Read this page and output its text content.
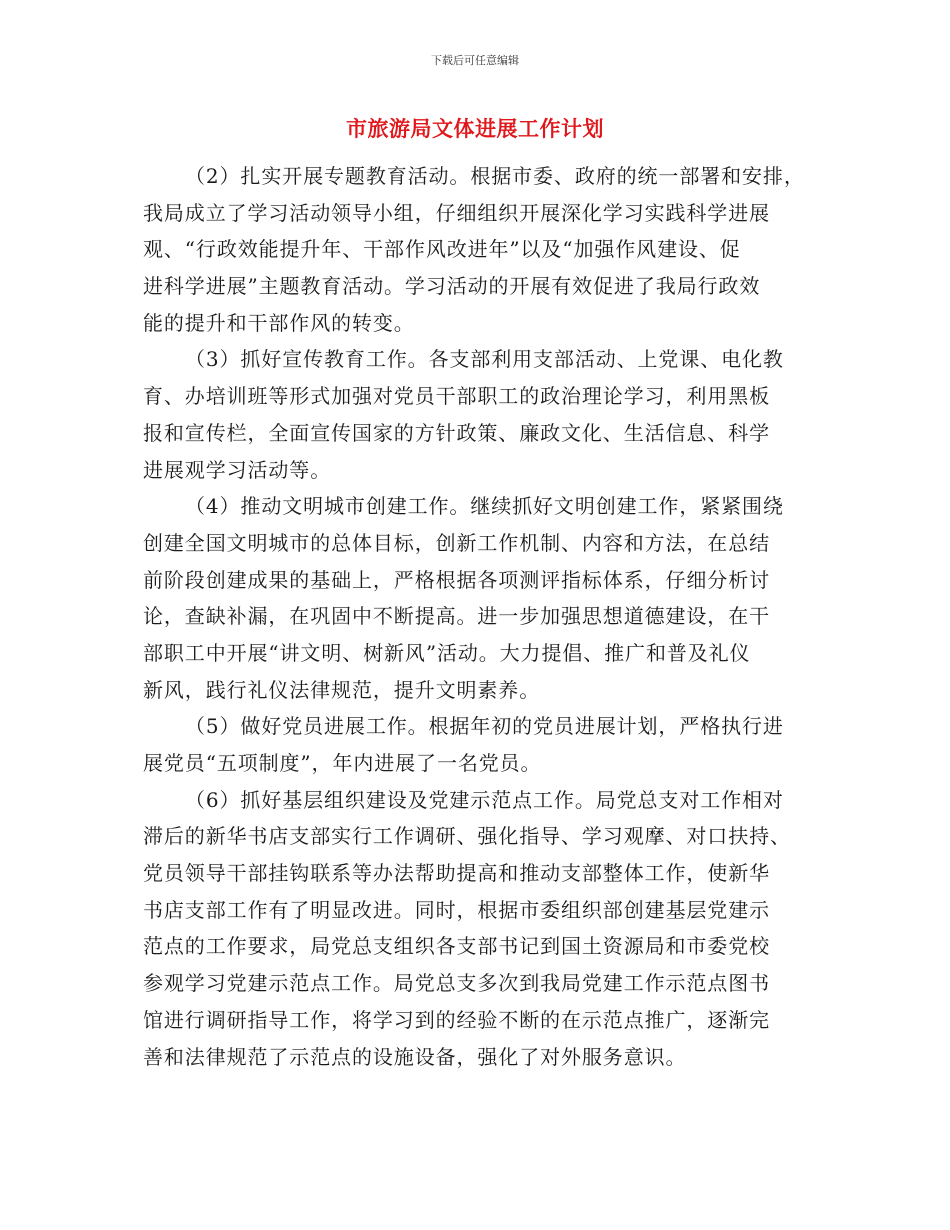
下载后可任意编辑
市旅游局文体进展工作计划
（2）扎实开展专题教育活动。根据市委、政府的统一部署和安排，
我局成立了学习活动领导小组，仔细组织开展深化学习实践科学进展
观、“行政效能提升年、干部作风改进年”以及“加强作风建设、促
进科学进展”主题教育活动。学习活动的开展有效促进了我局行政效
能的提升和干部作风的转变。
（3）抓好宣传教育工作。各支部利用支部活动、上党课、电化教
育、办培训班等形式加强对党员干部职工的政治理论学习，利用黑板
报和宣传栏，全面宣传国家的方针政策、廉政文化、生活信息、科学
进展观学习活动等。
（4）推动文明城市创建工作。继续抓好文明创建工作，紧紧围绕
创建全国文明城市的总体目标，创新工作机制、内容和方法，在总结
前阶段创建成果的基础上，严格根据各项测评指标体系，仔细分析讨
论，查缺补漏，在巩固中不断提高。进一步加强思想道德建设，在干
部职工中开展“讲文明、树新风”活动。大力提倡、推广和普及礼仪
新风，践行礼仪法律规范，提升文明素养。
（5）做好党员进展工作。根据年初的党员进展计划，严格执行进
展党员“五项制度”，年内进展了一名党员。
（6）抓好基层组织建设及党建示范点工作。局党总支对工作相对
滞后的新华书店支部实行工作调研、强化指导、学习观摩、对口扶持、
党员领导干部挂钩联系等办法帮助提高和推动支部整体工作，使新华
书店支部工作有了明显改进。同时，根据市委组织部创建基层党建示
范点的工作要求，局党总支组织各支部书记到国土资源局和市委党校
参观学习党建示范点工作。局党总支多次到我局党建工作示范点图书
馆进行调研指导工作，将学习到的经验不断的在示范点推广，逐渐完
善和法律规范了示范点的设施设备，强化了对外服务意识。
